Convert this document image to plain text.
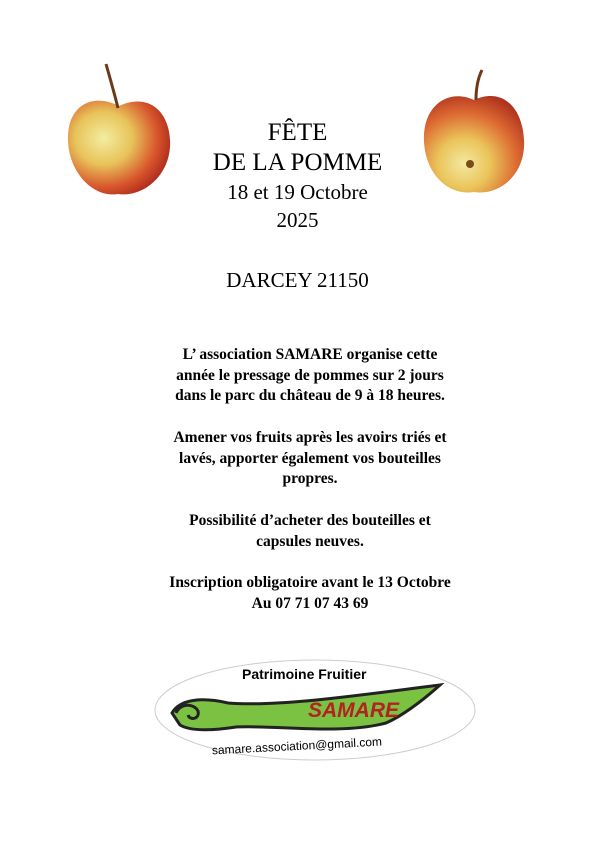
FÊTE
DE LA POMME
18 et 19 Octobre
2025
DARCEY 21150
L’ association SAMARE organise cette
année le pressage de pommes sur 2 jours
dans le parc du château de 9 à 18 heures.
Amener vos fruits après les avoirs triés et
lavés, apporter également vos bouteilles
propres.
Possibilité d’acheter des bouteilles et
capsules neuves.
Inscription obligatoire avant le 13 Octobre
Au 07 71 07 43 69
Patrimoine Fruitier
SAMARE
samare.association@gmail.com
